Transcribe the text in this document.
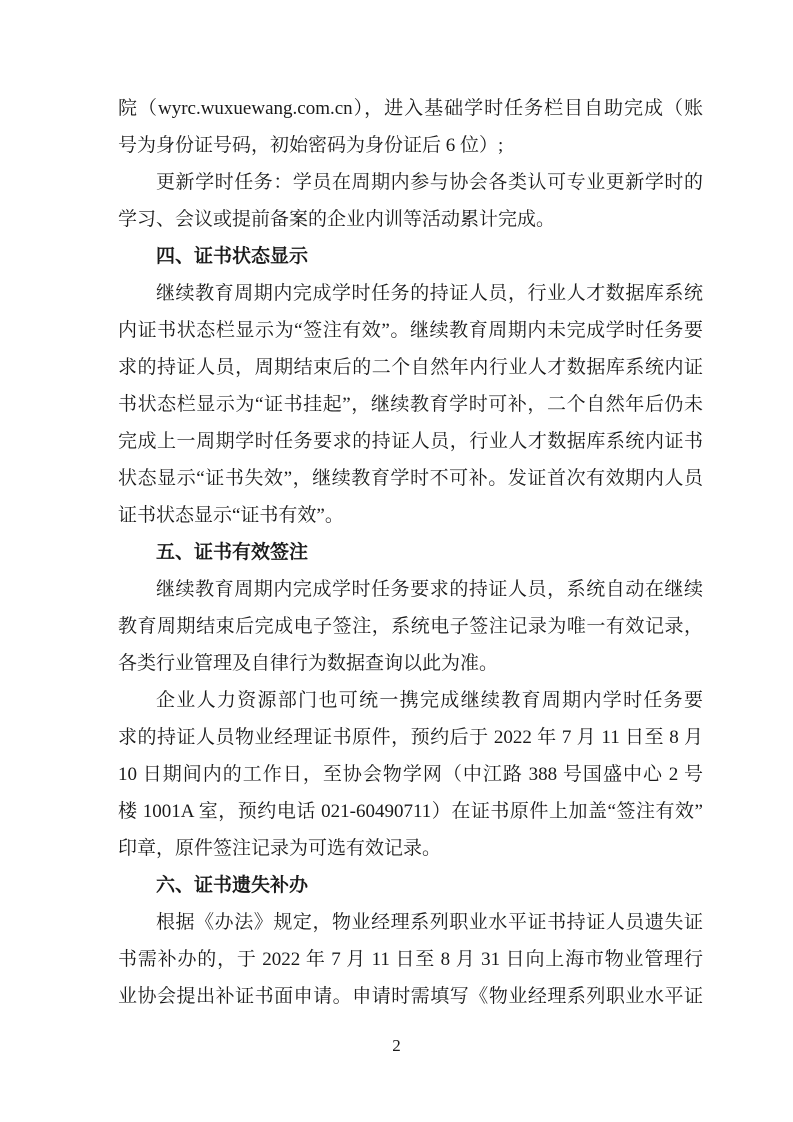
院（wyrc.wuxuewang.com.cn），进入基础学时任务栏目自助完成（账
号为身份证号码，初始密码为身份证后 6 位）;
更新学时任务：学员在周期内参与协会各类认可专业更新学时的
学习、会议或提前备案的企业内训等活动累计完成。
四、证书状态显示
继续教育周期内完成学时任务的持证人员，行业人才数据库系统
内证书状态栏显示为“签注有效”。继续教育周期内未完成学时任务要
求的持证人员，周期结束后的二个自然年内行业人才数据库系统内证
书状态栏显示为“证书挂起”，继续教育学时可补，二个自然年后仍未
完成上一周期学时任务要求的持证人员，行业人才数据库系统内证书
状态显示“证书失效”，继续教育学时不可补。发证首次有效期内人员
证书状态显示“证书有效”。
五、证书有效签注
继续教育周期内完成学时任务要求的持证人员，系统自动在继续
教育周期结束后完成电子签注，系统电子签注记录为唯一有效记录，
各类行业管理及自律行为数据查询以此为准。
企业人力资源部门也可统一携完成继续教育周期内学时任务要
求的持证人员物业经理证书原件，预约后于 2022 年 7 月 11 日至 8 月
10 日期间内的工作日，至协会物学网（中江路 388 号国盛中心 2 号
楼 1001A 室，预约电话 021-60490711）在证书原件上加盖“签注有效”
印章，原件签注记录为可选有效记录。
六、证书遗失补办
根据《办法》规定，物业经理系列职业水平证书持证人员遗失证
书需补办的，于 2022 年 7 月 11 日至 8 月 31 日向上海市物业管理行
业协会提出补证书面申请。申请时需填写《物业经理系列职业水平证
2
